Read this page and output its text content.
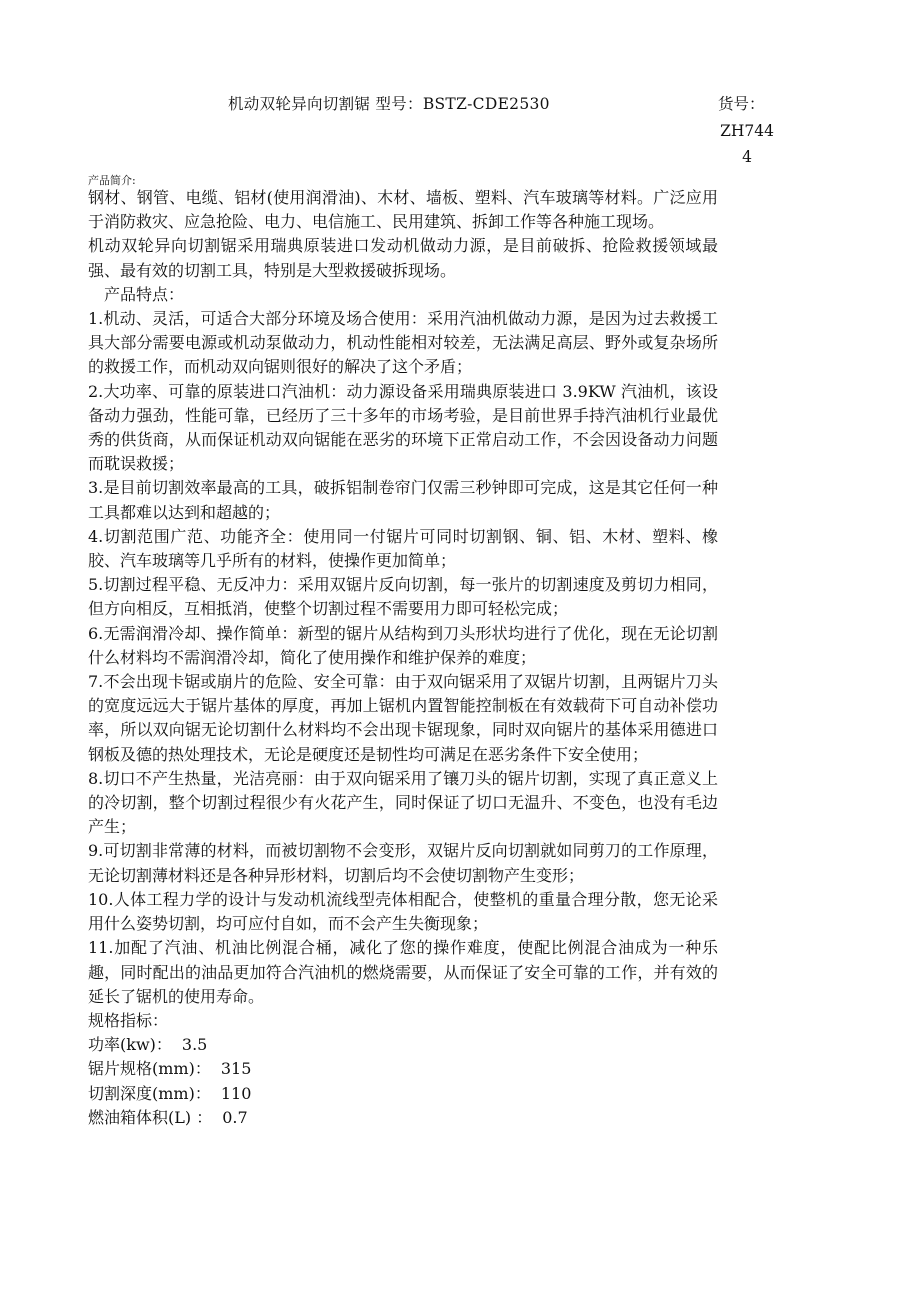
机动双轮异向切割锯 型号：BSTZ-CDE2530	货号：
ZH7444
产品简介:

钢材、钢管、电缆、铝材(使用润滑油)、木材、墙板、塑料、汽车玻璃等材料。广泛应用于消防救灾、应急抢险、电力、电信施工、民用建筑、拆卸工作等各种施工现场。

机动双轮异向切割锯采用瑞典原装进口发动机做动力源，是目前破拆、抢险救援领域最强、最有效的切割工具，特别是大型救援破拆现场。

产品特点：

1.机动、灵活，可适合大部分环境及场合使用：采用汽油机做动力源，是因为过去救援工具大部分需要电源或机动泵做动力，机动性能相对较差，无法满足高层、野外或复杂场所的救援工作，而机动双向锯则很好的解决了这个矛盾；

2.大功率、可靠的原装进口汽油机：动力源设备采用瑞典原装进口 3.9KW 汽油机，该设备动力强劲，性能可靠，已经历了三十多年的市场考验，是目前世界手持汽油机行业最优秀的供货商，从而保证机动双向锯能在恶劣的环境下正常启动工作，不会因设备动力问题而耽误救援；

3.是目前切割效率最高的工具，破拆铝制卷帘门仅需三秒钟即可完成，这是其它任何一种工具都难以达到和超越的；

4.切割范围广范、功能齐全：使用同一付锯片可同时切割钢、铜、铝、木材、塑料、橡胶、汽车玻璃等几乎所有的材料，使操作更加简单；

5.切割过程平稳、无反冲力：采用双锯片反向切割，每一张片的切割速度及剪切力相同，但方向相反，互相抵消，使整个切割过程不需要用力即可轻松完成；

6.无需润滑冷却、操作简单：新型的锯片从结构到刀头形状均进行了优化，现在无论切割什么材料均不需润滑冷却，简化了使用操作和维护保养的难度；

7.不会出现卡锯或崩片的危险、安全可靠：由于双向锯采用了双锯片切割，且两锯片刀头的宽度远远大于锯片基体的厚度，再加上锯机内置智能控制板在有效载荷下可自动补偿功率，所以双向锯无论切割什么材料均不会出现卡锯现象，同时双向锯片的基体采用德进口钢板及德的热处理技术，无论是硬度还是韧性均可满足在恶劣条件下安全使用；

8.切口不产生热量，光洁亮丽：由于双向锯采用了镶刀头的锯片切割，实现了真正意义上的冷切割，整个切割过程很少有火花产生，同时保证了切口无温升、不变色，也没有毛边产生；

9.可切割非常薄的材料，而被切割物不会变形，双锯片反向切割就如同剪刀的工作原理，无论切割薄材料还是各种异形材料，切割后均不会使切割物产生变形；

10.人体工程力学的设计与发动机流线型壳体相配合，使整机的重量合理分散，您无论采用什么姿势切割，均可应付自如，而不会产生失衡现象；

11.加配了汽油、机油比例混合桶，减化了您的操作难度，使配比例混合油成为一种乐趣，同时配出的油品更加符合汽油机的燃烧需要，从而保证了安全可靠的工作，并有效的延长了锯机的使用寿命。

规格指标：

功率(kw)： 3.5
锯片规格(mm)： 315
切割深度(mm)： 110
燃油箱体积(L) ： 0.7
